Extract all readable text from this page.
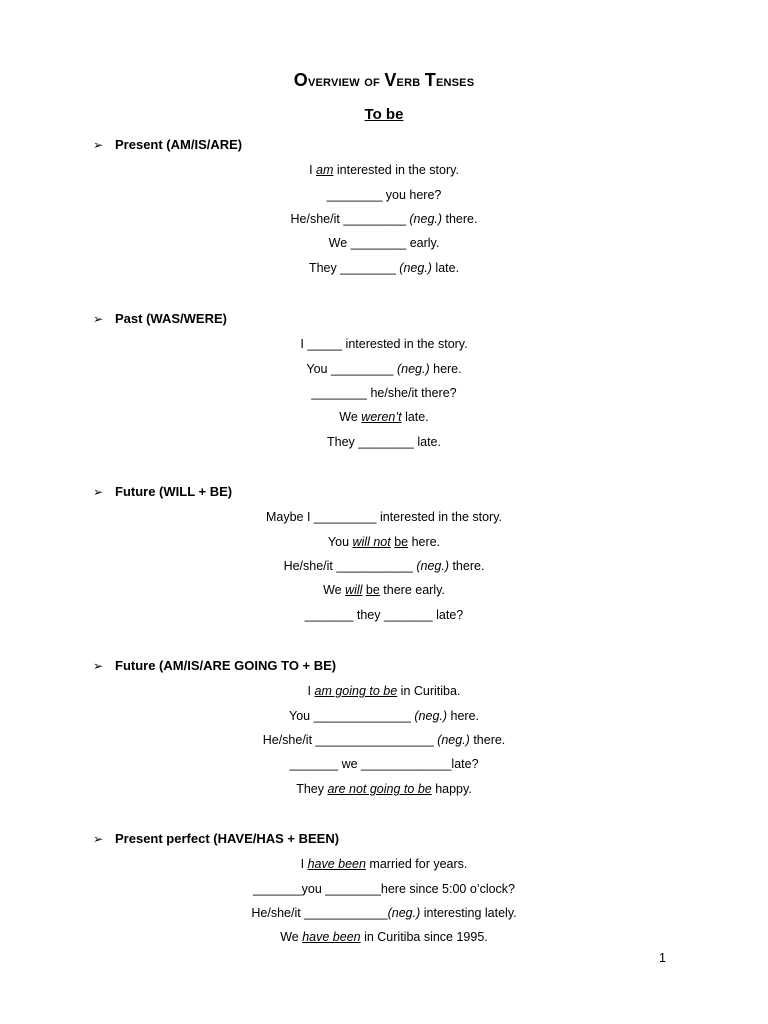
Overview of Verb Tenses
To be
➢ Present (AM/IS/ARE)
I am interested in the story.
________ you here?
He/she/it _________ (neg.) there.
We ________ early.
They ________ (neg.) late.
➢ Past (WAS/WERE)
I _____ interested in the story.
You _________ (neg.) here.
________ he/she/it there?
We weren’t late.
They ________ late.
➢ Future (WILL + BE)
Maybe I _________ interested in the story.
You will not be here.
He/she/it ___________ (neg.) there.
We will be there early.
_______ they _______ late?
➢ Future (AM/IS/ARE GOING TO + BE)
I am going to be in Curitiba.
You ______________ (neg.) here.
He/she/it _________________ (neg.) there.
_______ we _____________late?
They are not going to be happy.
➢ Present perfect (HAVE/HAS + BEEN)
I have been married for years.
_______you ________here since 5:00 o’clock?
He/she/it ____________(neg.) interesting lately.
We have been in Curitiba since 1995.
1
